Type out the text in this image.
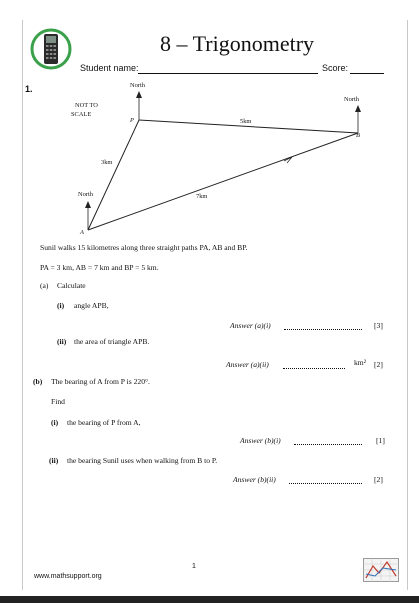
8 – Trigonometry
Student name:	Score:
1.
NOT TO
SCALE
North
North
North
P
B
A
5km
3km
7km
Sunil walks 15 kilometres along three straight paths PA, AB and BP.
PA = 3 km, AB = 7 km and BP = 5 km.
(a) Calculate
(i) angle APB,
Answer (a)(i)	[3]
(ii) the area of triangle APB.
Answer (a)(ii)	km² [2]
(b) The bearing of A from P is 220°.
Find
(i) the bearing of P from A,
Answer (b)(i)	[1]
(ii) the bearing Sunil uses when walking from B to P.
Answer (b)(ii)	[2]
1
www.mathsupport.org
